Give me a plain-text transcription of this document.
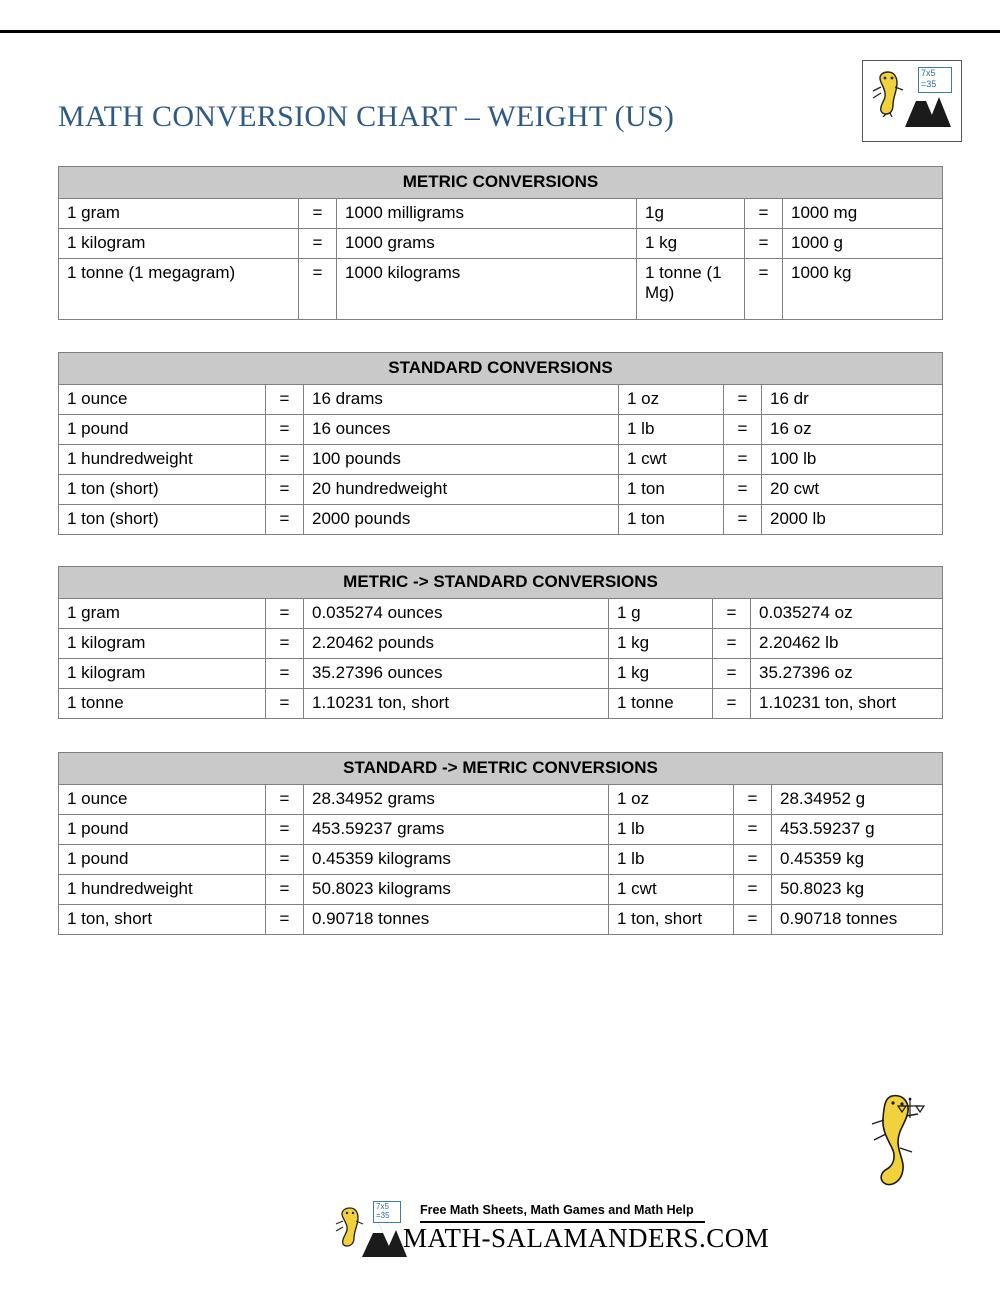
MATH CONVERSION CHART – WEIGHT (US)
7x5
=35
METRIC CONVERSIONS					
1 gram	=	1000 milligrams	1g	=	1000 mg
1 kilogram	=	1000 grams	1 kg	=	1000 g
1 tonne (1 megagram)	=	1000 kilograms	1 tonne (1 Mg)	=	1000 kg
STANDARD CONVERSIONS					
1 ounce	=	16 drams	1 oz	=	16 dr
1 pound	=	16 ounces	1 lb	=	16 oz
1 hundredweight	=	100 pounds	1 cwt	=	100 lb
1 ton (short)	=	20 hundredweight	1 ton	=	20 cwt
1 ton (short)	=	2000 pounds	1 ton	=	2000 lb
METRIC -> STANDARD CONVERSIONS					
1 gram	=	0.035274 ounces	1 g	=	0.035274 oz
1 kilogram	=	2.20462 pounds	1 kg	=	2.20462 lb
1 kilogram	=	35.27396 ounces	1 kg	=	35.27396 oz
1 tonne	=	1.10231 ton, short	1 tonne	=	1.10231 ton, short
STANDARD -> METRIC CONVERSIONS					
1 ounce	=	28.34952 grams	1 oz	=	28.34952 g
1 pound	=	453.59237 grams	1 lb	=	453.59237 g
1 pound	=	0.45359 kilograms	1 lb	=	0.45359 kg
1 hundredweight	=	50.8023 kilograms	1 cwt	=	50.8023 kg
1 ton, short	=	0.90718 tonnes	1 ton, short	=	0.90718 tonnes
7x5
=35	Free Math Sheets, Math Games and Math Help
MATH-SALAMANDERS.COM
